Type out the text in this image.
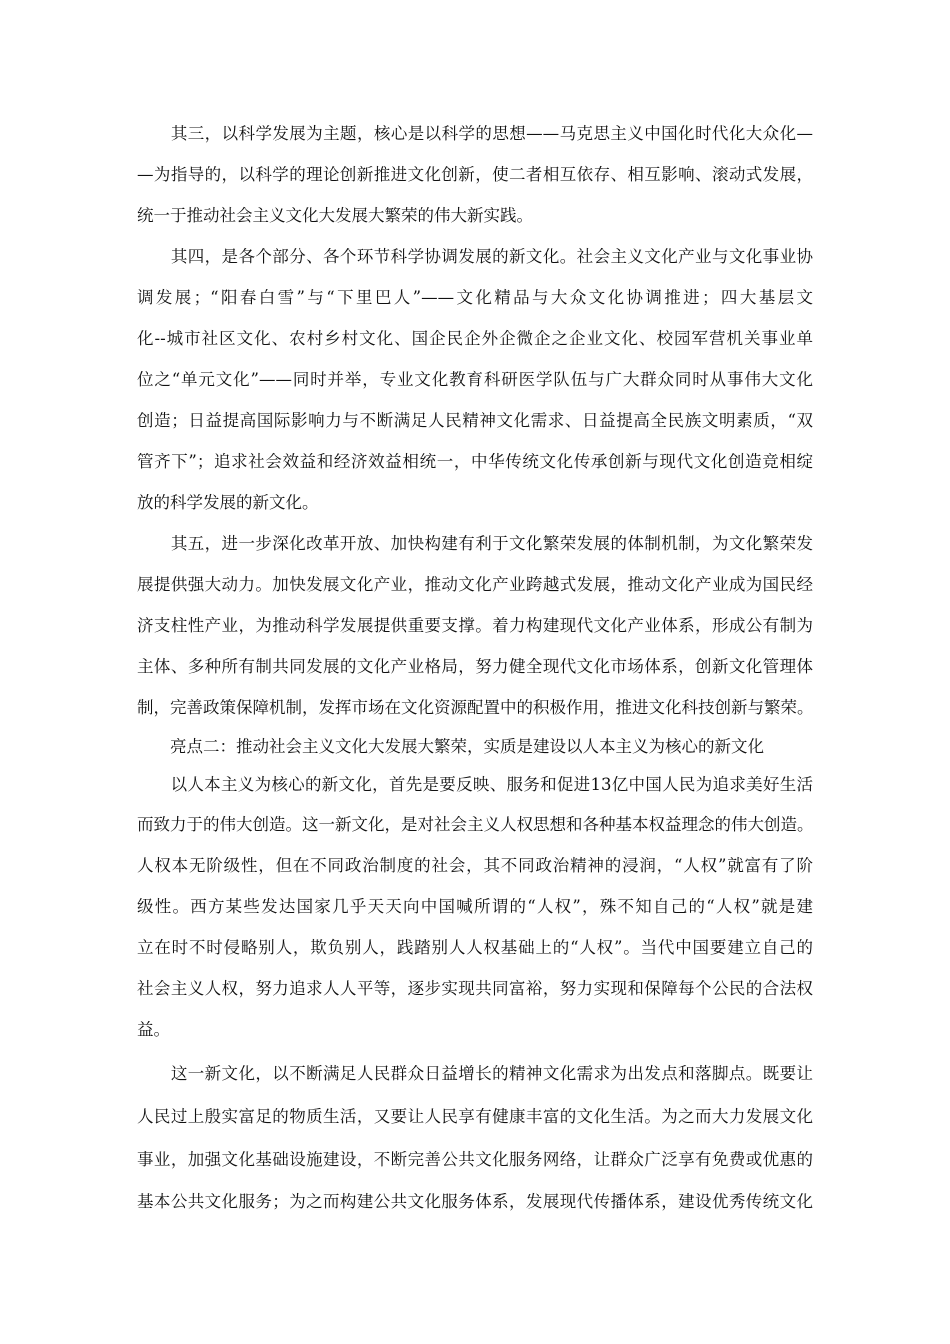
　　其三，以科学发展为主题，核心是以科学的思想——马克思主义中国化时代化大众化—
—为指导的，以科学的理论创新推进文化创新，使二者相互依存、相互影响、滚动式发展，
统一于推动社会主义文化大发展大繁荣的伟大新实践。
　　其四，是各个部分、各个环节科学协调发展的新文化。社会主义文化产业与文化事业协
调发展；“阳春白雪”与“下里巴人”——文化精品与大众文化协调推进；四大基层文
化--城市社区文化、农村乡村文化、国企民企外企微企之企业文化、校园军营机关事业单
位之“单元文化”——同时并举，专业文化教育科研医学队伍与广大群众同时从事伟大文化
创造；日益提高国际影响力与不断满足人民精神文化需求、日益提高全民族文明素质，“双
管齐下”；追求社会效益和经济效益相统一，中华传统文化传承创新与现代文化创造竞相绽
放的科学发展的新文化。
　　其五，进一步深化改革开放、加快构建有利于文化繁荣发展的体制机制，为文化繁荣发
展提供强大动力。加快发展文化产业，推动文化产业跨越式发展，推动文化产业成为国民经
济支柱性产业，为推动科学发展提供重要支撑。着力构建现代文化产业体系，形成公有制为
主体、多种所有制共同发展的文化产业格局，努力健全现代文化市场体系，创新文化管理体
制，完善政策保障机制，发挥市场在文化资源配置中的积极作用，推进文化科技创新与繁荣。
　　亮点二：推动社会主义文化大发展大繁荣，实质是建设以人本主义为核心的新文化
　　以人本主义为核心的新文化，首先是要反映、服务和促进13亿中国人民为追求美好生活
而致力于的伟大创造。这一新文化，是对社会主义人权思想和各种基本权益理念的伟大创造。
人权本无阶级性，但在不同政治制度的社会，其不同政治精神的浸润，“人权”就富有了阶
级性。西方某些发达国家几乎天天向中国喊所谓的“人权”，殊不知自己的“人权”就是建
立在时不时侵略别人，欺负别人，践踏别人人权基础上的“人权”。当代中国要建立自己的
社会主义人权，努力追求人人平等，逐步实现共同富裕，努力实现和保障每个公民的合法权
益。
　　这一新文化，以不断满足人民群众日益增长的精神文化需求为出发点和落脚点。既要让
人民过上殷实富足的物质生活，又要让人民享有健康丰富的文化生活。为之而大力发展文化
事业，加强文化基础设施建设，不断完善公共文化服务网络，让群众广泛享有免费或优惠的
基本公共文化服务；为之而构建公共文化服务体系，发展现代传播体系，建设优秀传统文化
